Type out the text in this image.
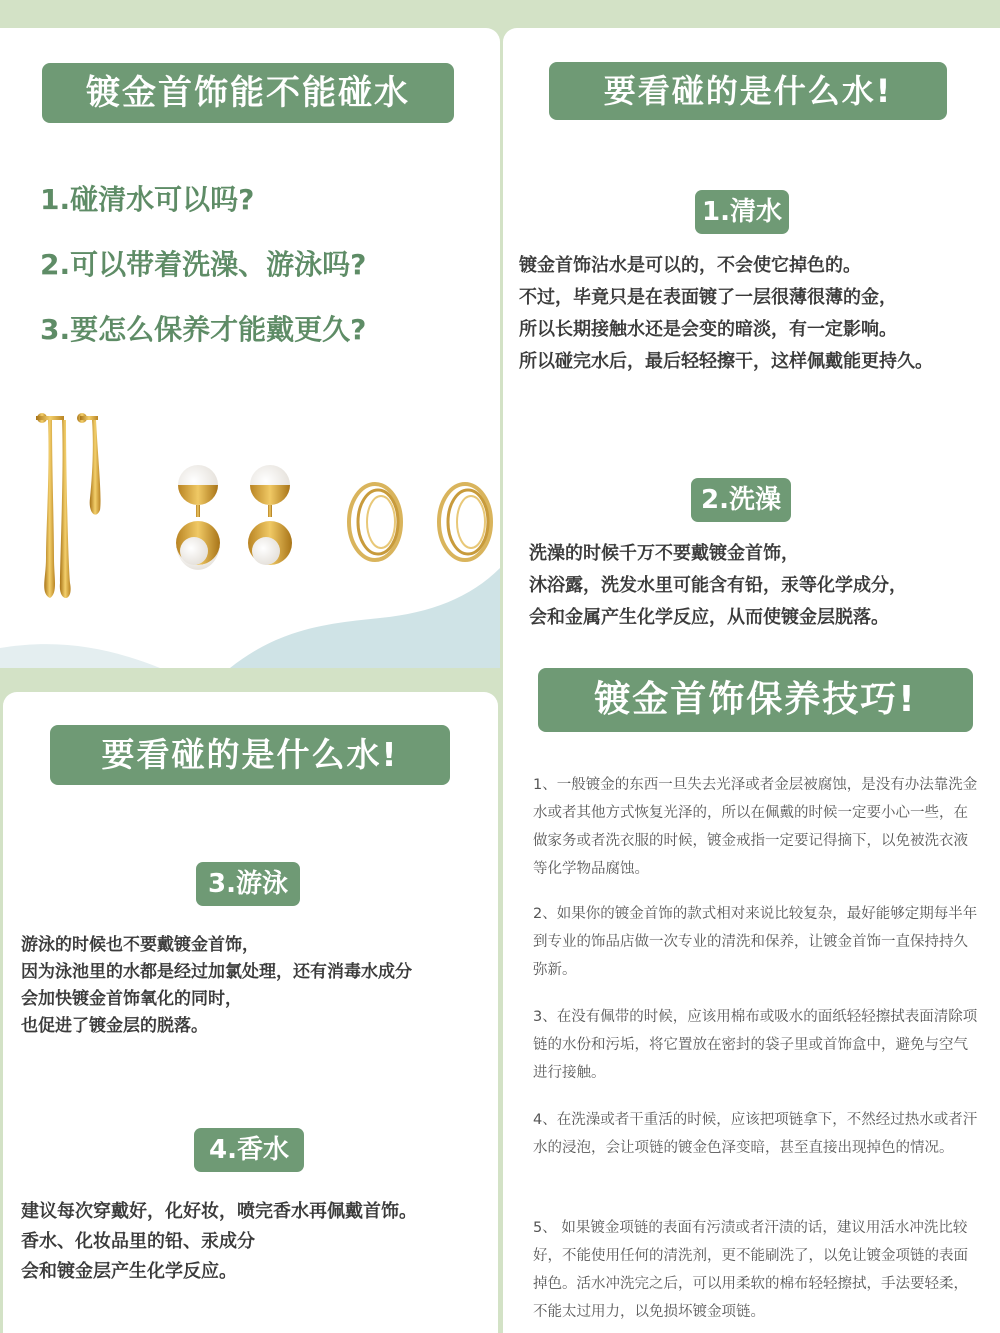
镀金首饰能不能碰水
1.碰清水可以吗?
2.可以带着洗澡、游泳吗?
3.要怎么保养才能戴更久?
要看碰的是什么水!
1.清水
镀金首饰沾水是可以的，不会使它掉色的。
不过，毕竟只是在表面镀了一层很薄很薄的金，
所以长期接触水还是会变的暗淡，有一定影响。
所以碰完水后，最后轻轻擦干，这样佩戴能更持久。
2.洗澡
洗澡的时候千万不要戴镀金首饰，
沐浴露，洗发水里可能含有铅，汞等化学成分，
会和金属产生化学反应，从而使镀金层脱落。
要看碰的是什么水!
3.游泳
游泳的时候也不要戴镀金首饰，
因为泳池里的水都是经过加氯处理，还有消毒水成分
会加快镀金首饰氧化的同时，
也促进了镀金层的脱落。
4.香水
建议每次穿戴好，化好妆，喷完香水再佩戴首饰。
香水、化妆品里的铅、汞成分
会和镀金层产生化学反应。
镀金首饰保养技巧!
1、一般镀金的东西一旦失去光泽或者金层被腐蚀，是没有办法靠洗金水或者其他方式恢复光泽的，所以在佩戴的时候一定要小心一些，在做家务或者洗衣服的时候，镀金戒指一定要记得摘下，以免被洗衣液等化学物品腐蚀。
2、如果你的镀金首饰的款式相对来说比较复杂，最好能够定期每半年到专业的饰品店做一次专业的清洗和保养，让镀金首饰一直保持持久弥新。
3、在没有佩带的时候，应该用棉布或吸水的面纸轻轻擦拭表面清除项链的水份和污垢，将它置放在密封的袋子里或首饰盒中，避免与空气进行接触。
4、在洗澡或者干重活的时候，应该把项链拿下，不然经过热水或者汗水的浸泡，会让项链的镀金色泽变暗，甚至直接出现掉色的情况。
5、 如果镀金项链的表面有污渍或者汗渍的话，建议用活水冲洗比较好，不能使用任何的清洗剂，更不能刷洗了，以免让镀金项链的表面掉色。活水冲洗完之后，可以用柔软的棉布轻轻擦拭，手法要轻柔，不能太过用力，以免损坏镀金项链。
